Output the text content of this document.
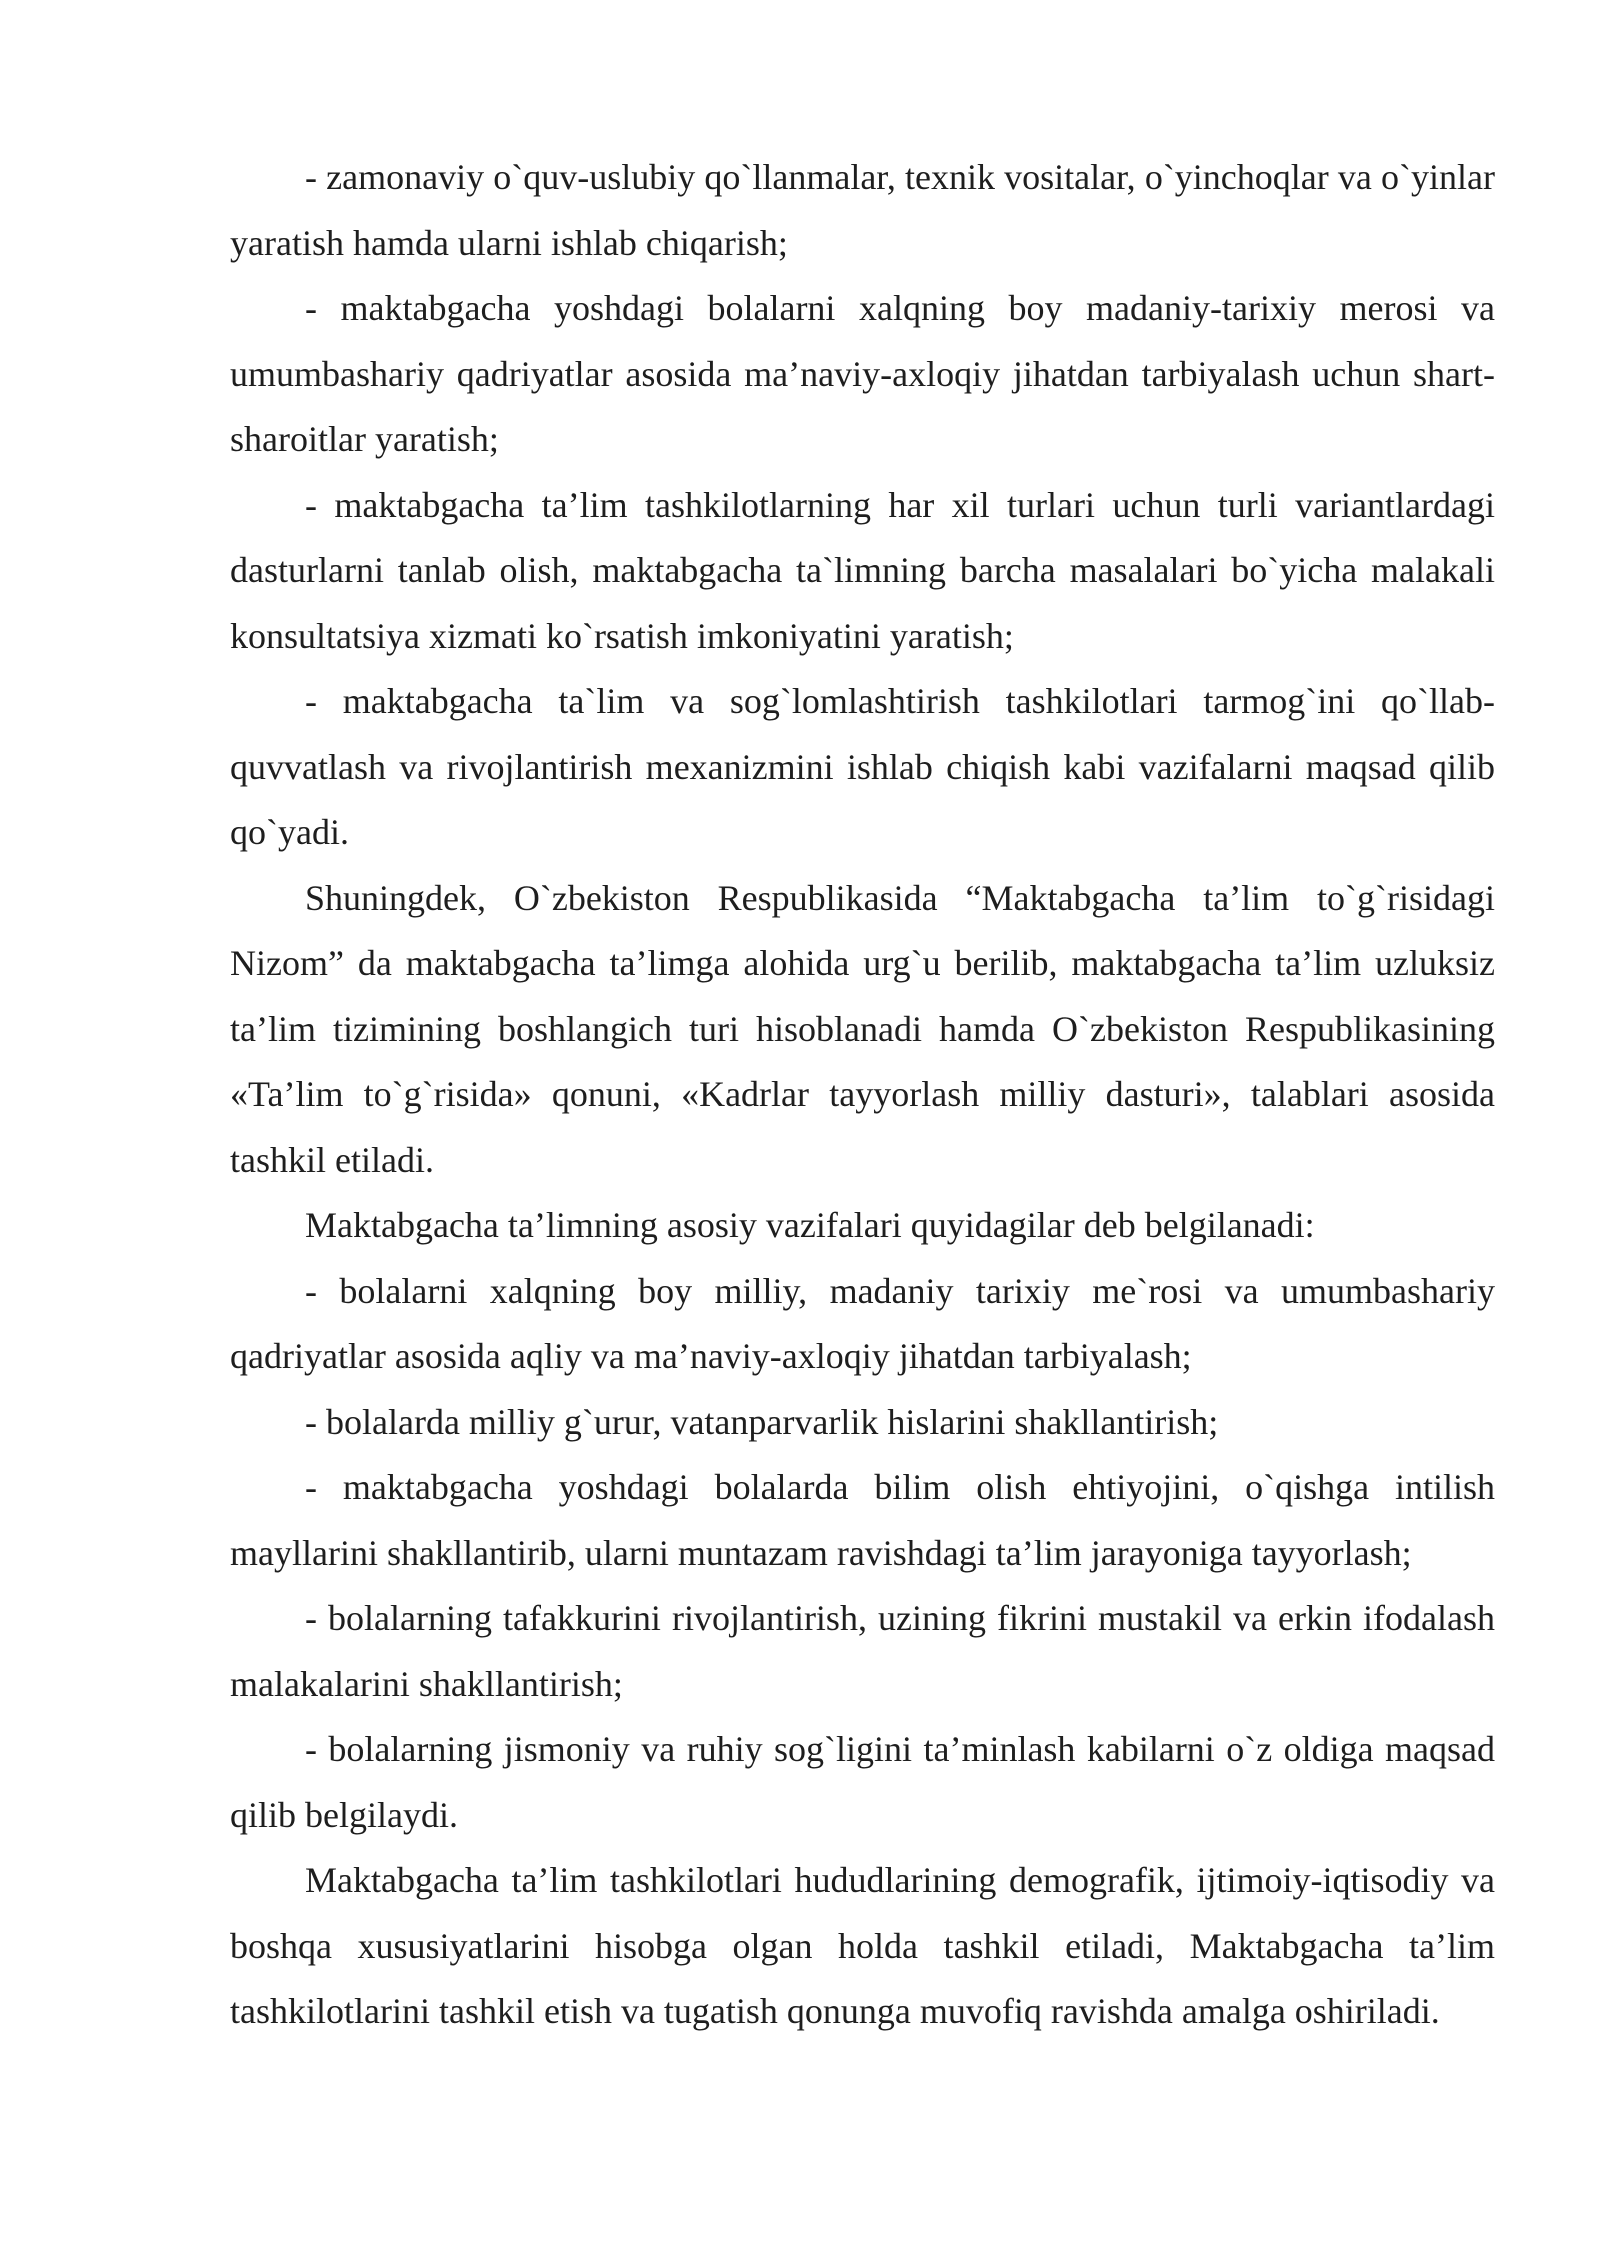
- zamonaviy o`quv-uslubiy qo`llanmalar, texnik vositalar, o`yinchoqlar va o`yinlar yaratish hamda ularni ishlab chiqarish;

- maktabgacha yoshdagi bolalarni xalqning boy madaniy-tarixiy merosi va umumbashariy qadriyatlar asosida ma’naviy-axloqiy jihatdan tarbiyalash uchun shart-sharoitlar yaratish;

- maktabgacha ta’lim tashkilotlarning har xil turlari uchun turli variantlardagi dasturlarni tanlab olish, maktabgacha ta`limning barcha masalalari bo`yicha malakali konsultatsiya xizmati ko`rsatish imkoniyatini yaratish;

- maktabgacha ta`lim va sog`lomlashtirish tashkilotlari tarmog`ini qo`llab-quvvatlash va rivojlantirish mexanizmini ishlab chiqish kabi vazifalarni maqsad qilib qo`yadi.

Shuningdek, O`zbekiston Respublikasida “Maktabgacha ta’lim to`g`risidagi Nizom” da maktabgacha ta’limga alohida urg`u berilib, maktabgacha ta’lim uzluksiz ta’lim tizimining boshlangich turi hisoblanadi hamda O`zbekiston Respublikasining «Ta’lim to`g`risida» qonuni, «Kadrlar tayyorlash milliy dasturi», talablari asosida tashkil etiladi.

Maktabgacha ta’limning asosiy vazifalari quyidagilar deb belgilanadi:

- bolalarni xalqning boy milliy, madaniy tarixiy me`rosi va umumbashariy qadriyatlar asosida aqliy va ma’naviy-axloqiy jihatdan tarbiyalash;

- bolalarda milliy g`urur, vatanparvarlik hislarini shakllantirish;

- maktabgacha yoshdagi bolalarda bilim olish ehtiyojini, o`qishga intilish mayllarini shakllantirib, ularni muntazam ravishdagi ta’lim jarayoniga tayyorlash;

- bolalarning tafakkurini rivojlantirish, uzining fikrini mustakil va erkin ifodalash malakalarini shakllantirish;

- bolalarning jismoniy va ruhiy sog`ligini ta’minlash kabilarni o`z oldiga maqsad qilib belgilaydi.

Maktabgacha ta’lim tashkilotlari hududlarining demografik, ijtimoiy-iqtisodiy va boshqa xususiyatlarini hisobga olgan holda tashkil etiladi, Maktabgacha ta’lim tashkilotlarini tashkil etish va tugatish qonunga muvofiq ravishda amalga oshiriladi.
